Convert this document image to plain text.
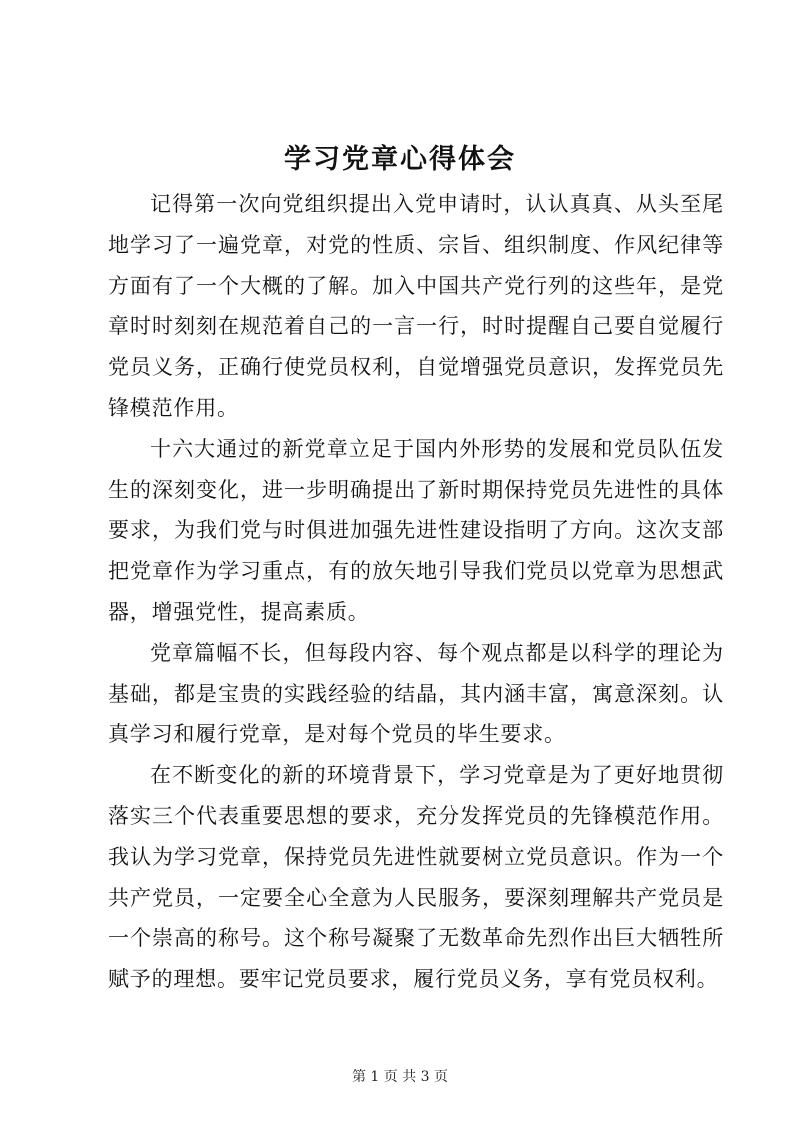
学习党章心得体会

记得第一次向党组织提出入党申请时，认认真真、从头至尾地学习了一遍党章，对党的性质、宗旨、组织制度、作风纪律等方面有了一个大概的了解。加入中国共产党行列的这些年，是党章时时刻刻在规范着自己的一言一行，时时提醒自己要自觉履行党员义务，正确行使党员权利，自觉增强党员意识，发挥党员先锋模范作用。

十六大通过的新党章立足于国内外形势的发展和党员队伍发生的深刻变化，进一步明确提出了新时期保持党员先进性的具体要求，为我们党与时俱进加强先进性建设指明了方向。这次支部把党章作为学习重点，有的放矢地引导我们党员以党章为思想武器，增强党性，提高素质。

党章篇幅不长，但每段内容、每个观点都是以科学的理论为基础，都是宝贵的实践经验的结晶，其内涵丰富，寓意深刻。认真学习和履行党章，是对每个党员的毕生要求。

在不断变化的新的环境背景下，学习党章是为了更好地贯彻落实三个代表重要思想的要求，充分发挥党员的先锋模范作用。我认为学习党章，保持党员先进性就要树立党员意识。作为一个共产党员，一定要全心全意为人民服务，要深刻理解共产党员是一个崇高的称号。这个称号凝聚了无数革命先烈作出巨大牺牲所赋予的理想。要牢记党员要求，履行党员义务，享有党员权利。

第 1 页 共 3 页
